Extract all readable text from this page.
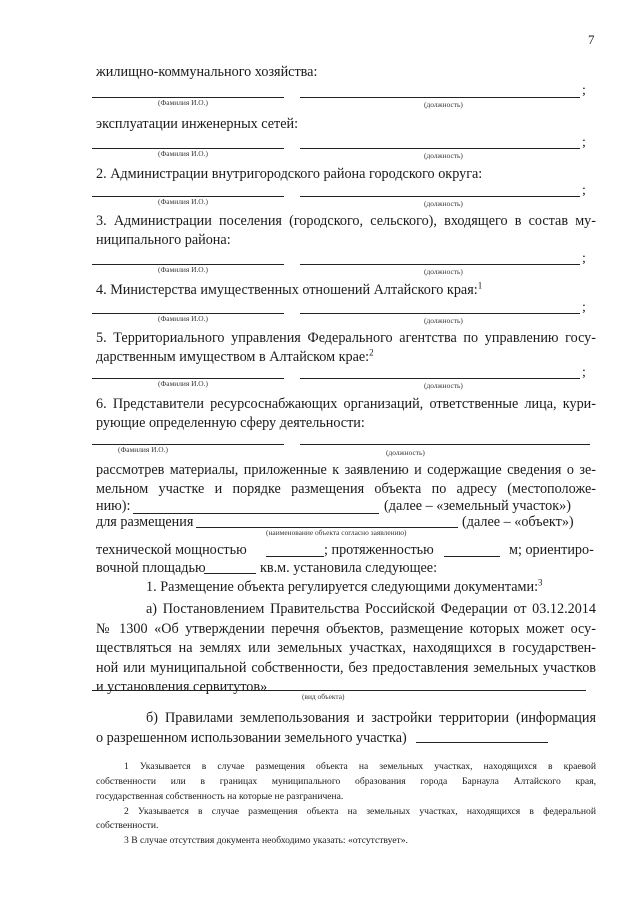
7
жилищно-коммунального хозяйства:
;
(Фамилия И.О.)	(должность)
эксплуатации инженерных сетей:
;
(Фамилия И.О.)	(должность)
2. Администрации внутригородского района городского округа:
;
(Фамилия И.О.)	(должность)
3. Администрации поселения (городского, сельского), входящего в состав му-
ниципального района:
;
(Фамилия И.О.)	(должность)
4. Министерства имущественных отношений Алтайского края:$^1$
;
(Фамилия И.О.)	(должность)
5. Территориального управления Федерального агентства по управлению госу-
дарственным имуществом в Алтайском крае:$^2$
;
(Фамилия И.О.)	(должность)
6. Представители ресурсоснабжающих организаций, ответственные лица, кури-
рующие определенную сферу деятельности:
(Фамилия И.О.)	(должность)
рассмотрев материалы, приложенные к заявлению и содержащие сведения о зе-
мельном участке и порядке размещения объекта по адресу (местоположе-
нию):	(далее – «земельный участок»)
для размещения	(далее – «объект»)
(наименование объекта согласно заявлению)
технической мощностью	; протяженностью	м; ориентиро-
вочной площадью	кв.м. установила следующее:
1. Размещение объекта регулируется следующими документами:$^3$
а) Постановлением Правительства Российской Федерации от 03.12.2014
№ 1300 «Об утверждении перечня объектов, размещение которых может осу-
ществляться на землях или земельных участках, находящихся в государствен-
ной или муниципальной собственности, без предоставления земельных участков
и установления сервитутов»
(вид объекта)
б) Правилами землепользования и застройки территории (информация
о разрешенном использовании земельного участка)
1 Указывается в случае размещения объекта на земельных участках, находящихся в краевой
собственности или в границах муниципального образования города Барнаула Алтайского края,
государственная собственность на которые не разграничена.
2 Указывается в случае размещения объекта на земельных участках, находящихся в федеральной
собственности.
3 В случае отсутствия документа необходимо указать: «отсутствует».
